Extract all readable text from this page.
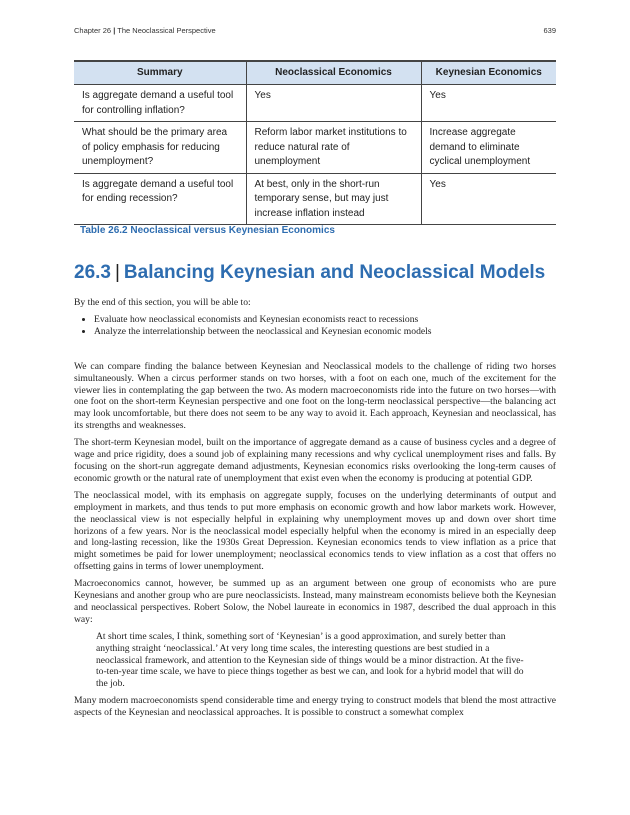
Chapter 26 | The Neoclassical Perspective	639
Summary	Neoclassical Economics	Keynesian Economics
Is aggregate demand a useful tool for controlling inflation?	Yes	Yes
What should be the primary area of policy emphasis for reducing unemployment?	Reform labor market institutions to reduce natural rate of unemployment	Increase aggregate demand to eliminate cyclical unemployment
Is aggregate demand a useful tool for ending recession?	At best, only in the short-run temporary sense, but may just increase inflation instead	Yes
Table 26.2 Neoclassical versus Keynesian Economics
26.3 | Balancing Keynesian and Neoclassical Models

By the end of this section, you will be able to:

• Evaluate how neoclassical economists and Keynesian economists react to recessions
• Analyze the interrelationship between the neoclassical and Keynesian economic models

We can compare finding the balance between Keynesian and Neoclassical models to the challenge of riding two horses simultaneously. When a circus performer stands on two horses, with a foot on each one, much of the excitement for the viewer lies in contemplating the gap between the two. As modern macroeconomists ride into the future on two horses—with one foot on the short-term Keynesian perspective and one foot on the long-term neoclassical perspective—the balancing act may look uncomfortable, but there does not seem to be any way to avoid it. Each approach, Keynesian and neoclassical, has its strengths and weaknesses.

The short-term Keynesian model, built on the importance of aggregate demand as a cause of business cycles and a degree of wage and price rigidity, does a sound job of explaining many recessions and why cyclical unemployment rises and falls. By focusing on the short-run aggregate demand adjustments, Keynesian economics risks overlooking the long-term causes of economic growth or the natural rate of unemployment that exist even when the economy is producing at potential GDP.

The neoclassical model, with its emphasis on aggregate supply, focuses on the underlying determinants of output and employment in markets, and thus tends to put more emphasis on economic growth and how labor markets work. However, the neoclassical view is not especially helpful in explaining why unemployment moves up and down over short time horizons of a few years. Nor is the neoclassical model especially helpful when the economy is mired in an especially deep and long-lasting recession, like the 1930s Great Depression. Keynesian economics tends to view inflation as a price that might sometimes be paid for lower unemployment; neoclassical economics tends to view inflation as a cost that offers no offsetting gains in terms of lower unemployment.

Macroeconomics cannot, however, be summed up as an argument between one group of economists who are pure Keynesians and another group who are pure neoclassicists. Instead, many mainstream economists believe both the Keynesian and neoclassical perspectives. Robert Solow, the Nobel laureate in economics in 1987, described the dual approach in this way:

At short time scales, I think, something sort of ‘Keynesian’ is a good approximation, and surely better than anything straight ‘neoclassical.’ At very long time scales, the interesting questions are best studied in a neoclassical framework, and attention to the Keynesian side of things would be a minor distraction. At the five-to-ten-year time scale, we have to piece things together as best we can, and look for a hybrid model that will do the job.

Many modern macroeconomists spend considerable time and energy trying to construct models that blend the most attractive aspects of the Keynesian and neoclassical approaches. It is possible to construct a somewhat complex
